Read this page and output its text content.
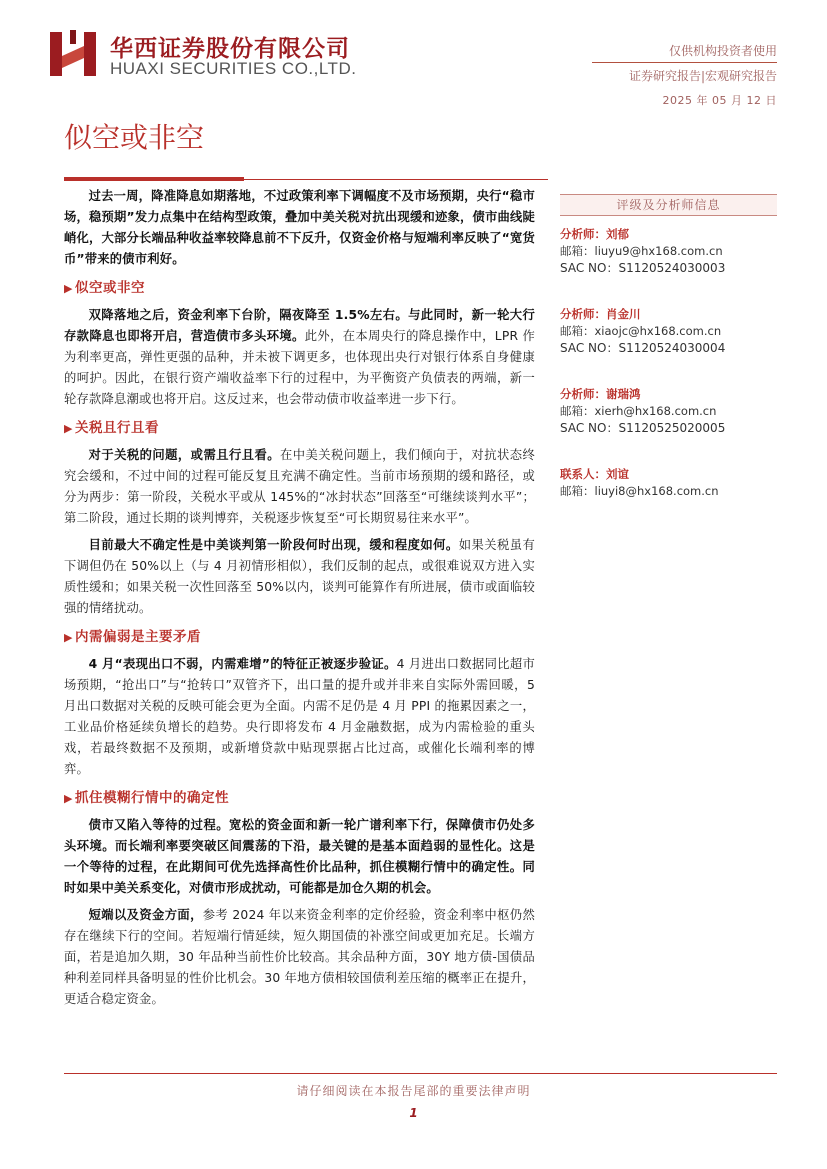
华西证券股份有限公司
HUAXI SECURITIES CO.,LTD.
仅供机构投资者使用
证券研究报告|宏观研究报告
2025 年 05 月 12 日
似空或非空

过去一周，降准降息如期落地，不过政策利率下调幅度不及市场预期，央行“稳市场，稳预期”发力点集中在结构型政策，叠加中美关税对抗出现缓和迹象，债市曲线陡峭化，大部分长端品种收益率较降息前不下反升，仅资金价格与短端利率反映了“宽货币”带来的债市利好。

▶ 似空或非空

双降落地之后，资金利率下台阶，隔夜降至 1.5%左右。与此同时，新一轮大行存款降息也即将开启，营造债市多头环境。此外，在本周央行的降息操作中，LPR 作为利率更高，弹性更强的品种，并未被下调更多，也体现出央行对银行体系自身健康的呵护。因此，在银行资产端收益率下行的过程中，为平衡资产负债表的两端，新一轮存款降息潮或也将开启。这反过来，也会带动债市收益率进一步下行。

▶ 关税且行且看

对于关税的问题，或需且行且看。在中美关税问题上，我们倾向于，对抗状态终究会缓和，不过中间的过程可能反复且充满不确定性。当前市场预期的缓和路径，或分为两步：第一阶段，关税水平或从 145%的“冰封状态”回落至“可继续谈判水平”；第二阶段，通过长期的谈判博弈，关税逐步恢复至“可长期贸易往来水平”。

目前最大不确定性是中美谈判第一阶段何时出现，缓和程度如何。如果关税虽有下调但仍在 50%以上（与 4 月初情形相似），我们反制的起点，或很难说双方进入实质性缓和；如果关税一次性回落至 50%以内，谈判可能算作有所进展，债市或面临较强的情绪扰动。

▶ 内需偏弱是主要矛盾

4 月“表现出口不弱，内需难增”的特征正被逐步验证。4 月进出口数据同比超市场预期，“抢出口”与“抢转口”双管齐下，出口量的提升或并非来自实际外需回暖，5 月出口数据对关税的反映可能会更为全面。内需不足仍是 4 月 PPI 的拖累因素之一，工业品价格延续负增长的趋势。央行即将发布 4 月金融数据，成为内需检验的重头戏，若最终数据不及预期，或新增贷款中贴现票据占比过高，或催化长端利率的博弈。

▶ 抓住模糊行情中的确定性

债市又陷入等待的过程。宽松的资金面和新一轮广谱利率下行，保障债市仍处多头环境。而长端利率要突破区间震荡的下沿，最关键的是基本面趋弱的显性化。这是一个等待的过程，在此期间可优先选择高性价比品种，抓住模糊行情中的确定性。同时如果中美关系变化，对债市形成扰动，可能都是加仓久期的机会。

短端以及资金方面，参考 2024 年以来资金利率的定价经验，资金利率中枢仍然存在继续下行的空间。若短端行情延续，短久期国债的补涨空间或更加充足。长端方面，若是追加久期，30 年品种当前性价比较高。其余品种方面，30Y 地方债-国债品种利差同样具备明显的性价比机会。30 年地方债相较国债利差压缩的概率正在提升，更适合稳定资金。

评级及分析师信息
分析师：刘郁
邮箱：liuyu9@hx168.com.cn
SAC NO：S1120524030003
分析师：肖金川
邮箱：xiaojc@hx168.com.cn
SAC NO：S1120524030004
分析师：谢瑞鸿
邮箱：xierh@hx168.com.cn
SAC NO：S1120525020005
联系人：刘谊
邮箱：liuyi8@hx168.com.cn
请仔细阅读在本报告尾部的重要法律声明
1
